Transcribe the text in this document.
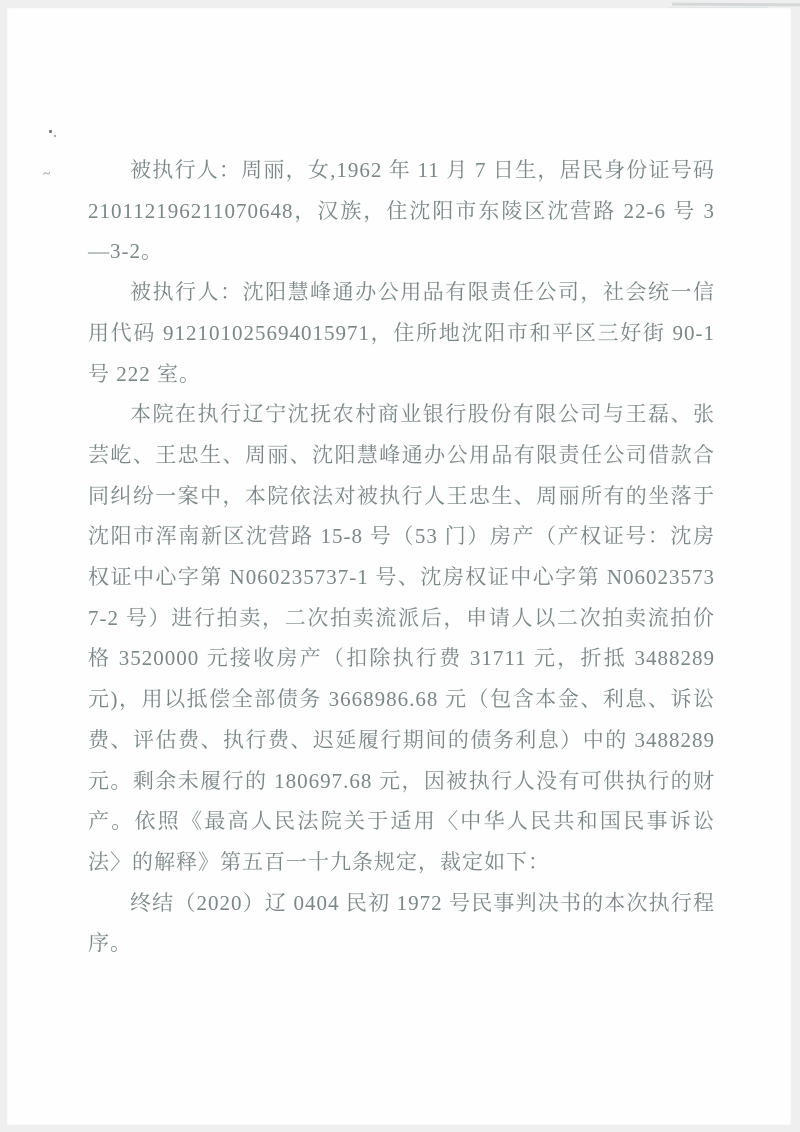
~	被执行人：周丽，女,1962 年 11 月 7 日生，居民身份证号码 210112196211070648，汉族，住沈阳市东陵区沈营路 22-6 号 3—3-2。

被执行人：沈阳慧峰通办公用品有限责任公司，社会统一信用代码 912101025694015971，住所地沈阳市和平区三好街 90-1 号 222 室。

本院在执行辽宁沈抚农村商业银行股份有限公司与王磊、张芸屹、王忠生、周丽、沈阳慧峰通办公用品有限责任公司借款合同纠纷一案中，本院依法对被执行人王忠生、周丽所有的坐落于沈阳市浑南新区沈营路 15-8 号（53 门）房产（产权证号：沈房权证中心字第 N060235737-1 号、沈房权证中心字第 N060235737-2 号）进行拍卖，二次拍卖流派后，申请人以二次拍卖流拍价格 3520000 元接收房产（扣除执行费 31711 元，折抵 3488289 元)，用以抵偿全部债务 3668986.68 元（包含本金、利息、诉讼费、评估费、执行费、迟延履行期间的债务利息）中的 3488289 元。剩余未履行的 180697.68 元，因被执行人没有可供执行的财产。依照《最高人民法院关于适用〈中华人民共和国民事诉讼法〉的解释》第五百一十九条规定，裁定如下：

终结（2020）辽 0404 民初 1972 号民事判决书的本次执行程序。
